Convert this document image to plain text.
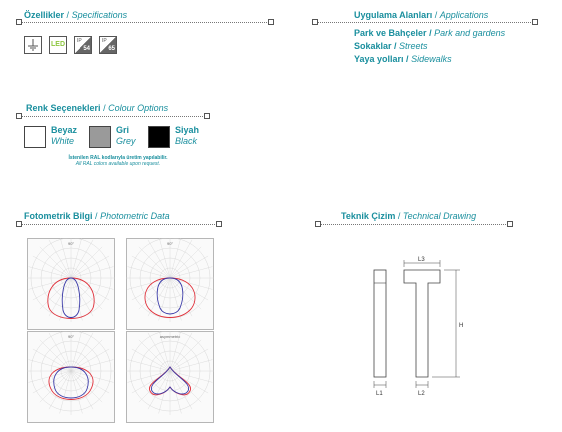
Özellikler / Specifications
LED	IP
54
IP
65
Uygulama Alanları / Applications
Park ve Bahçeler / Park and gardens
Sokaklar / Streets
Yaya yolları / Sidewalks
Renk Seçenekleri / Colour Options
Beyaz
White
Gri
Grey
Siyah
Black
İstenilen RAL kodlarıyla üretim yapılabilir.
All RAL colors available upon request.
Fotometrik Bilgi / Photometric Data
90°	90°
90°	asymmetric
Teknik Çizim / Technical Drawing
L1
L3
L2
H
